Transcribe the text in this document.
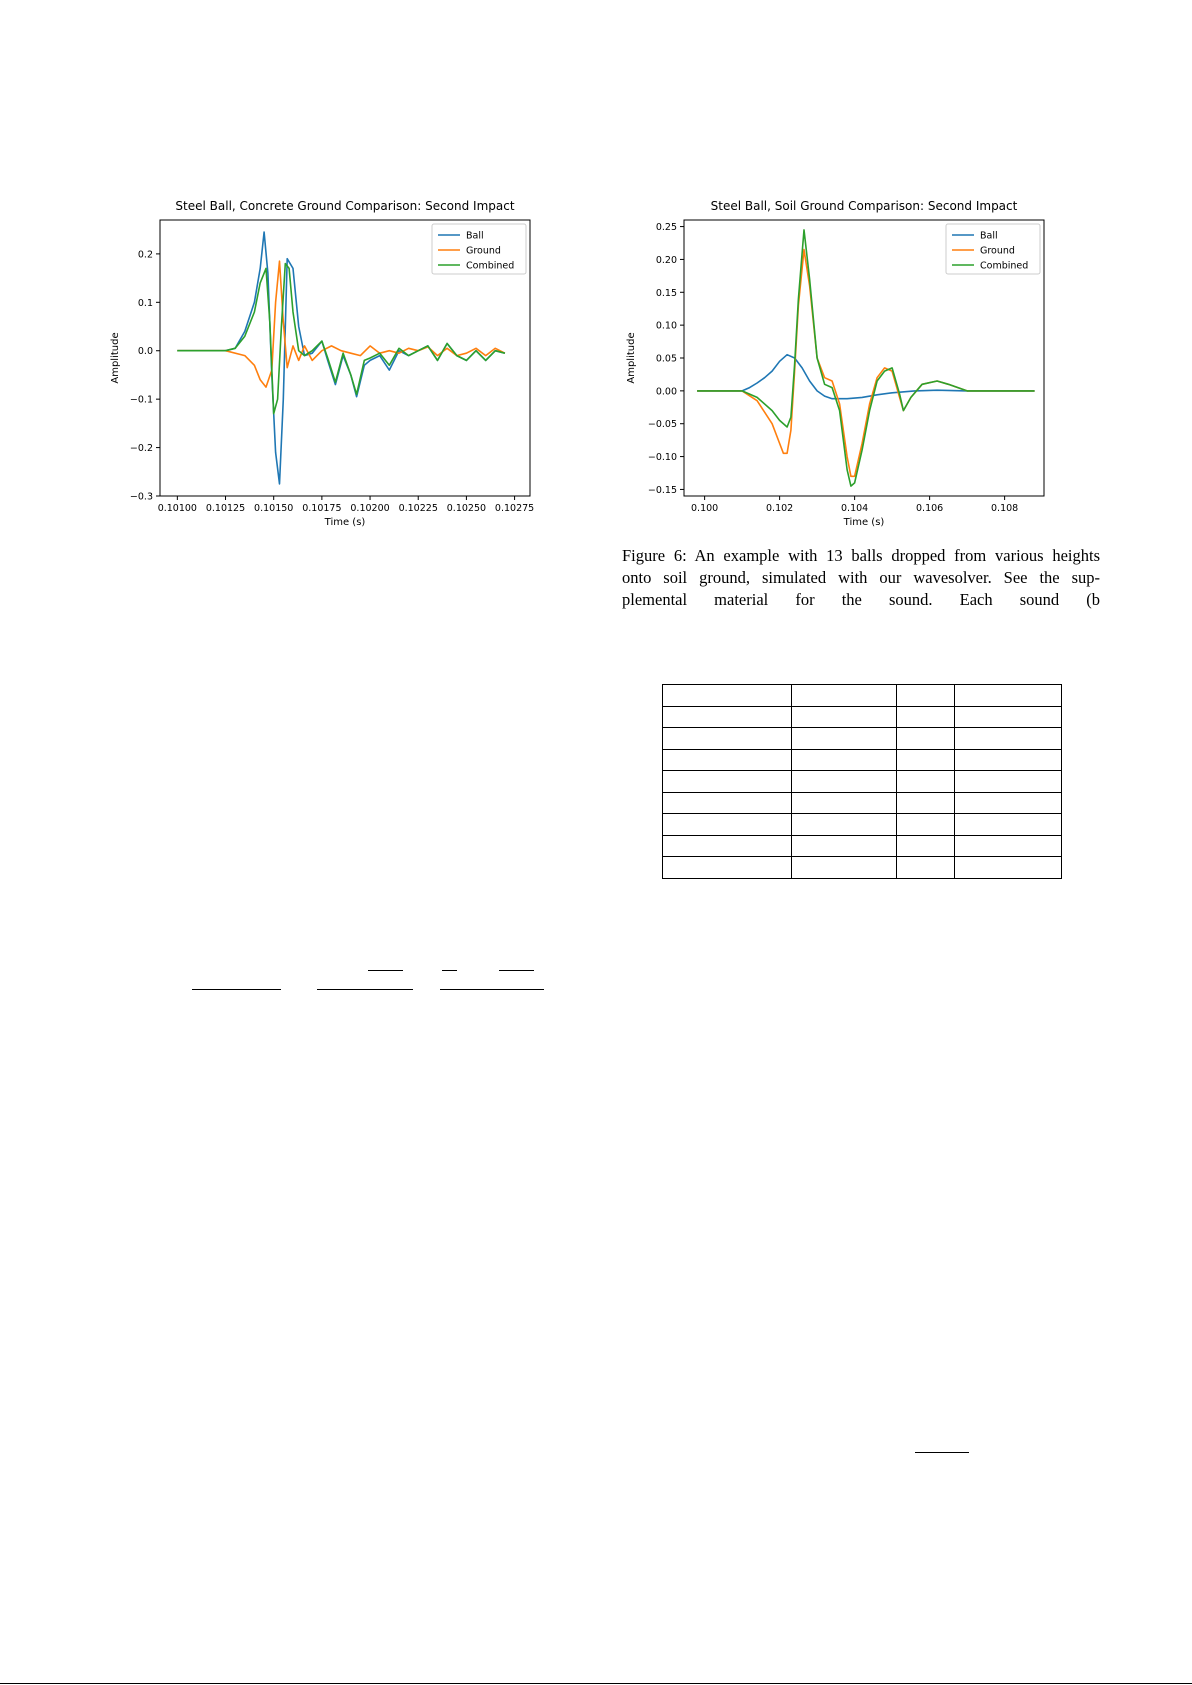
Steel Ball, Concrete Ground Comparison: Second Impact
0.10100 0.10125 0.10150 0.10175 0.10200 0.10225 0.10250 0.10275
−0.3
−0.2
−0.1
0.0
0.1
0.2
Time (s)
Amplitude
Ball
Ground
Combined
Steel Ball, Soil Ground Comparison: Second Impact
0.100	0.102	0.104	0.106	0.108
−0.15
−0.10
−0.05
0.00
0.05
0.10
0.15
0.20
0.25
Time (s)
Amplitude
Ball
Ground
Combined
Figure 6: An example with 13 balls dropped from various heights
onto soil ground, simulated with our wavesolver. See the sup-
plemental material for the sound. Each sound (b
